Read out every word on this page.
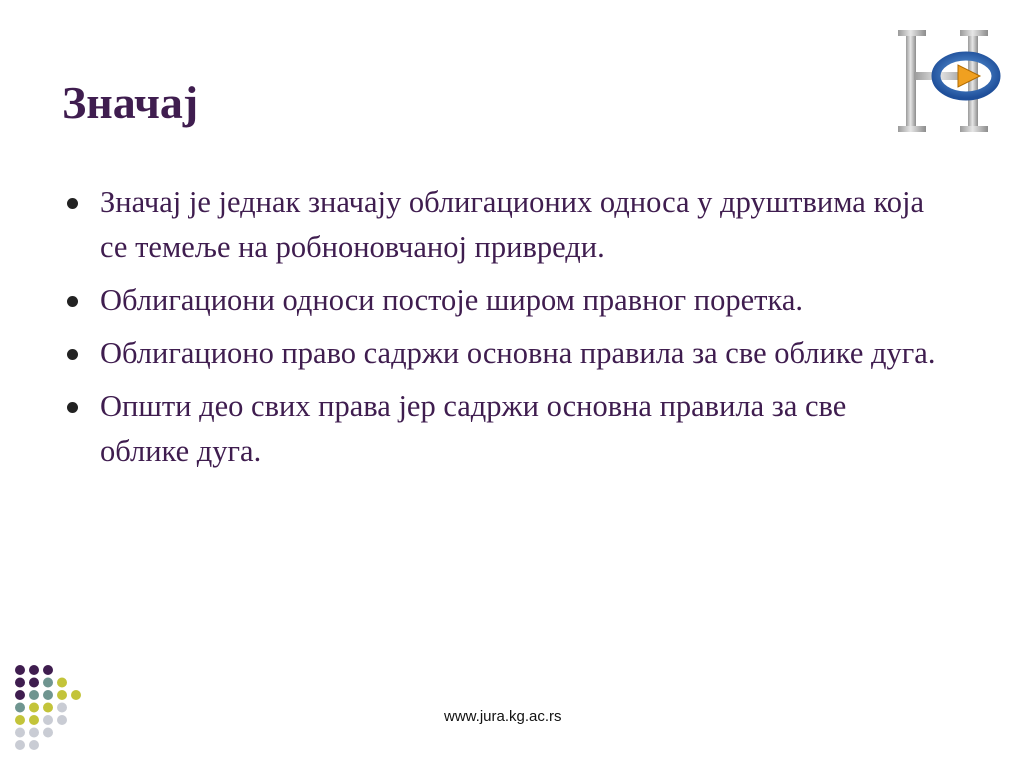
Значај
Значај је једнак значају облигационих односа у друштвима која се темеље на робноновчаној привреди.
Облигациони односи постоје широм правног поретка.
Облигационо право садржи основна правила за све облике дуга.
Општи део свих права јер садржи основна правила за све облике дуга.
www.jura.kg.ac.rs
